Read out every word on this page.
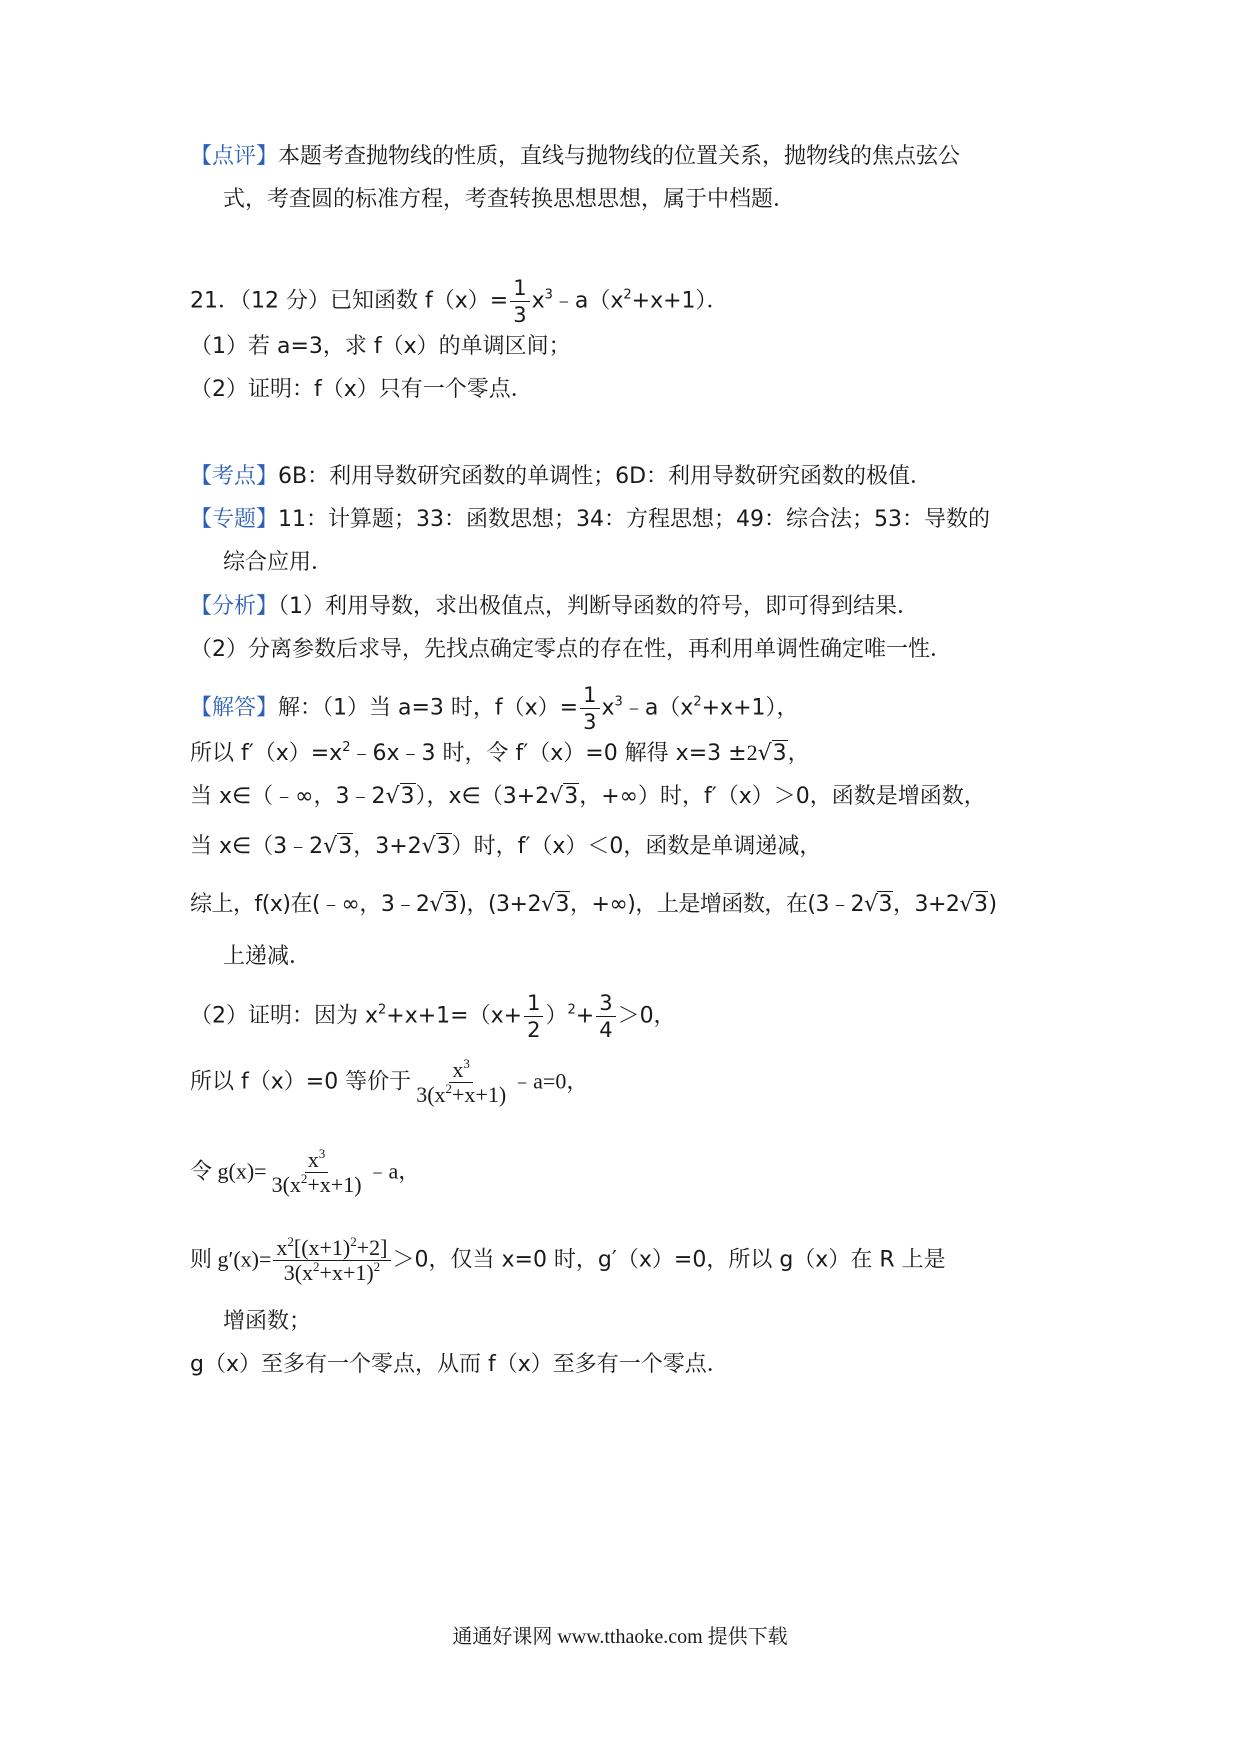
【点评】本题考查抛物线的性质，直线与抛物线的位置关系，抛物线的焦点弦公
式，考查圆的标准方程，考查转换思想思想，属于中档题．
21．（12 分）已知函数 $f(x)= \frac{1}{3}$ $x^3﹣a(x^2+x+1)$．
（1）若 a=3，求 f（x）的单调区间；
（2）证明：f（x）只有一个零点．
【考点】6B：利用导数研究函数的单调性；6D：利用导数研究函数的极值．
【专题】11：计算题；33：函数思想；34：方程思想；49：综合法；53：导数的
综合应用．
【分析】（1）利用导数，求出极值点，判断导函数的符号，即可得到结果．
（2）分离参数后求导，先找点确定零点的存在性，再利用单调性确定唯一性．
【解答】解：（1）当 a=3 时，$f(x)= \frac{1}{3}$ $x^3﹣a(x^2+x+1)$，
所以 $f'(x)=x^2﹣6x﹣3$ 时，令 f′（x）=0 解得 x=3 ±2√3，
当 x∈（﹣∞，3﹣2√3），x∈（3+2√3，+∞）时，f′（x）＞0，函数是增函数，
当 x∈（3﹣2√3，3+2√3）时，f′（x）＜0，函数是单调递减，
综上，f(x)在(﹣∞，3﹣2√3)，(3+2√3，+∞)，上是增函数，在(3﹣2√3，3+2√3)
上递减．
（2）证明：因为 $x^2+x+1=(x+ \frac{1}{2} )^2+ \frac{3}{4} >0$，
所以 f（x）=0 等价于 $\frac{x^3}{3(x^2+x+1)}$ ﹣a=0，
令 $g(x)= \frac{x^3}{3(x^2+x+1)}$ ﹣a，
则 $g'(x)= \frac{x^2[(x+1)^2+2]}{3(x^2+x+1)^2} >0$，仅当 x=0 时，g′（x）=0，所以 g（x）在 R 上是
增函数；
g（x）至多有一个零点，从而 f（x）至多有一个零点．
通通好课网 www.tthaoke.com 提供下载
